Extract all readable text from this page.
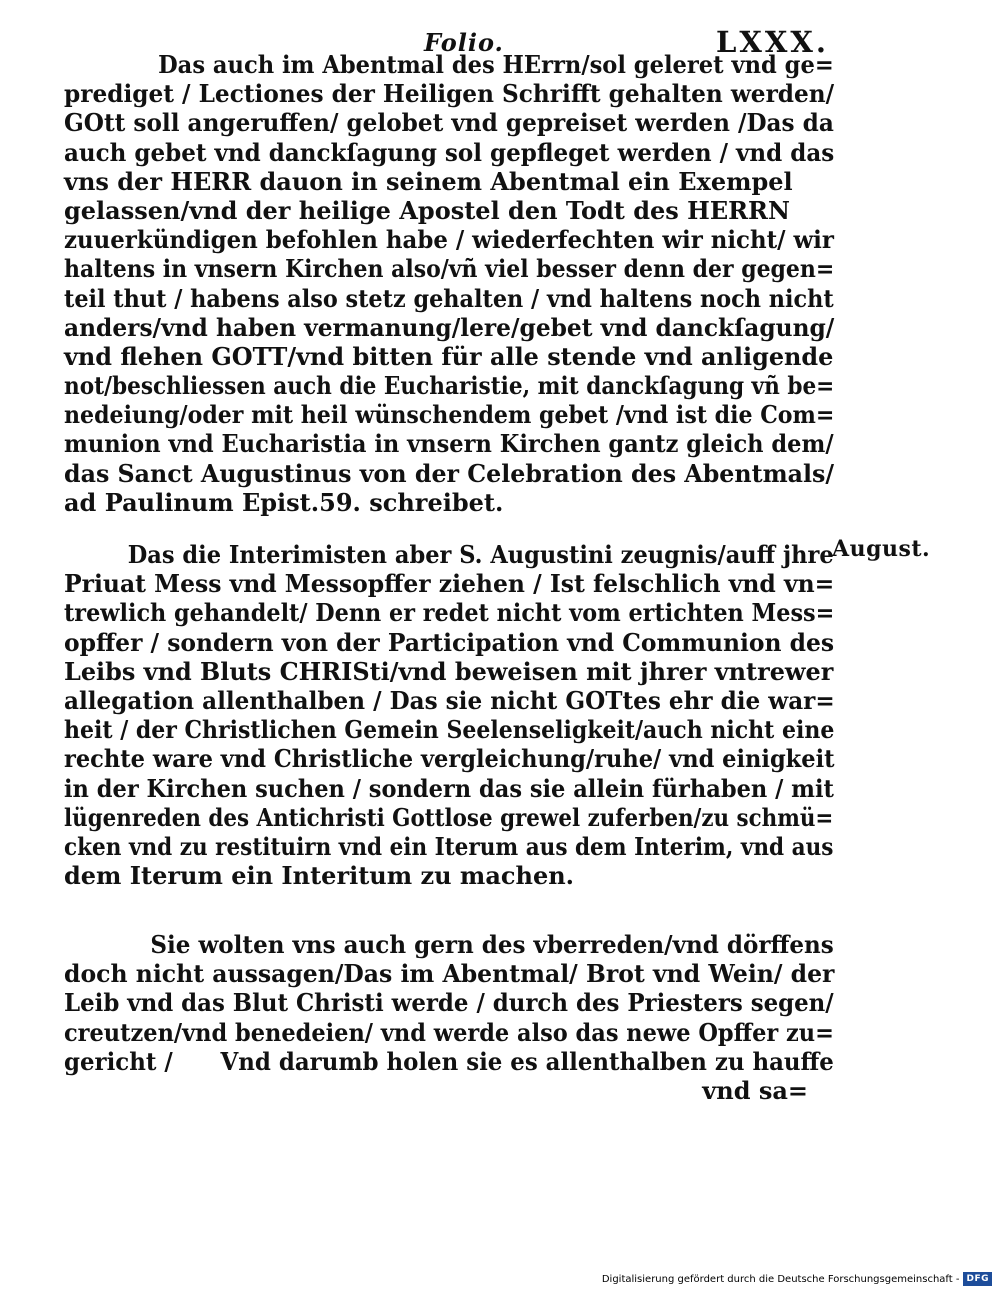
Folio.	LXXX.
Das auch im Abentmal des HErrn/sol geleret vnd ge=
prediget / Lectiones der Heiligen Schrifft gehalten werden/
GOtt soll angeruffen/ gelobet vnd gepreiset werden /Das da
auch gebet vnd danckſagung sol gepfleget werden / vnd das
vns der HERR dauon in seinem Abentmal ein Exempel
gelassen/vnd der heilige Apostel den Todt des HERRN
zuuerkündigen befohlen habe / wiederfechten wir nicht/ wir
haltens in vnsern Kirchen also/vñ viel besser denn der gegen=
teil thut / habens also stetz gehalten / vnd haltens noch nicht
anders/vnd haben vermanung/lere/gebet vnd danckſagung/
vnd flehen GOTT/vnd bitten für alle stende vnd anligende
not/beschliessen auch die Eucharistie, mit danckſagung vñ be=
nedeiung/oder mit heil wünschendem gebet /vnd ist die Com=
munion vnd Eucharistia in vnsern Kirchen gantz gleich dem/
das Sanct Augustinus von der Celebration des Abentmals/
ad Paulinum Epist.59. schreibet.
August.
Das die Interimisten aber S. Augustini zeugnis/auff jhre
Priuat Mess vnd Messopffer ziehen / Ist felschlich vnd vn=
trewlich gehandelt/ Denn er redet nicht vom ertichten Mess=
opffer / sondern von der Participation vnd Communion des
Leibs vnd Bluts CHRISti/vnd beweisen mit jhrer vntrewer
allegation allenthalben / Das sie nicht GOTtes ehr die war=
heit / der Christlichen Gemein Seelenseligkeit/auch nicht eine
rechte ware vnd Christliche vergleichung/ruhe/ vnd einigkeit
in der Kirchen suchen / sondern das sie allein fürhaben / mit
lügenreden des Antichristi Gottlose grewel zuferben/zu schmü=
cken vnd zu restituirn vnd ein Iterum aus dem Interim, vnd aus
dem Iterum ein Interitum zu machen.
Sie wolten vns auch gern des vberreden/vnd dörffens
doch nicht aussagen/Das im Abentmal/ Brot vnd Wein/ der
Leib vnd das Blut Christi werde / durch des Priesters segen/
creutzen/vnd benedeien/ vnd werde also das newe Opffer zu=
gericht /      Vnd darumb holen sie es allenthalben zu hauffe
vnd sa=
Digitalisierung gefördert durch die Deutsche Forschungsgemeinschaft - DFG
